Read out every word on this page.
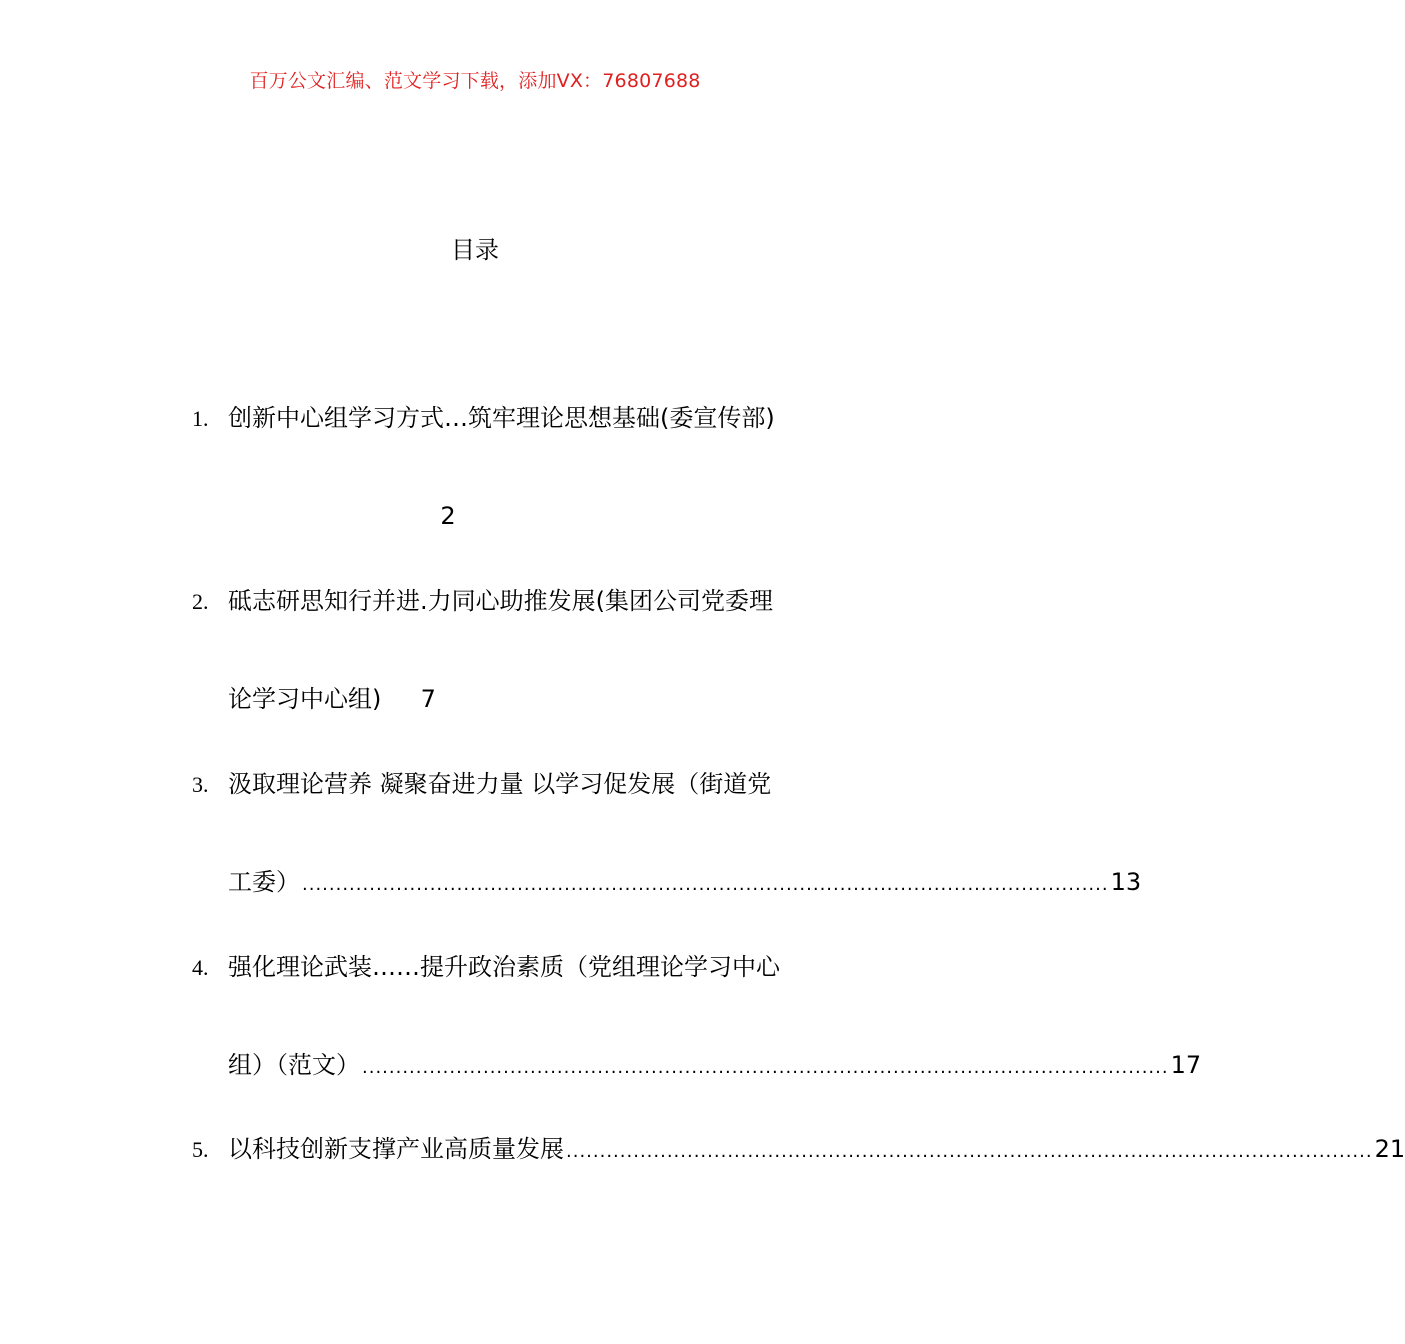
百万公文汇编、范文学习下载，添加VX：76807688
目录
1. 创新中心组学习方式…筑牢理论思想基础(委宣传部)
2
2. 砥志研思知行并进.力同心助推发展(集团公司党委理
论学习中心组) 7
3. 汲取理论营养 凝聚奋进力量 以学习促发展（街道党
工委） ........................................................................................................................ 13
4. 强化理论武装……提升政治素质（党组理论学习中心
组）（范文） ........................................................................................................................ 17
5. 以科技创新支撑产业高质量发展 ........................................................................................................................ 21
